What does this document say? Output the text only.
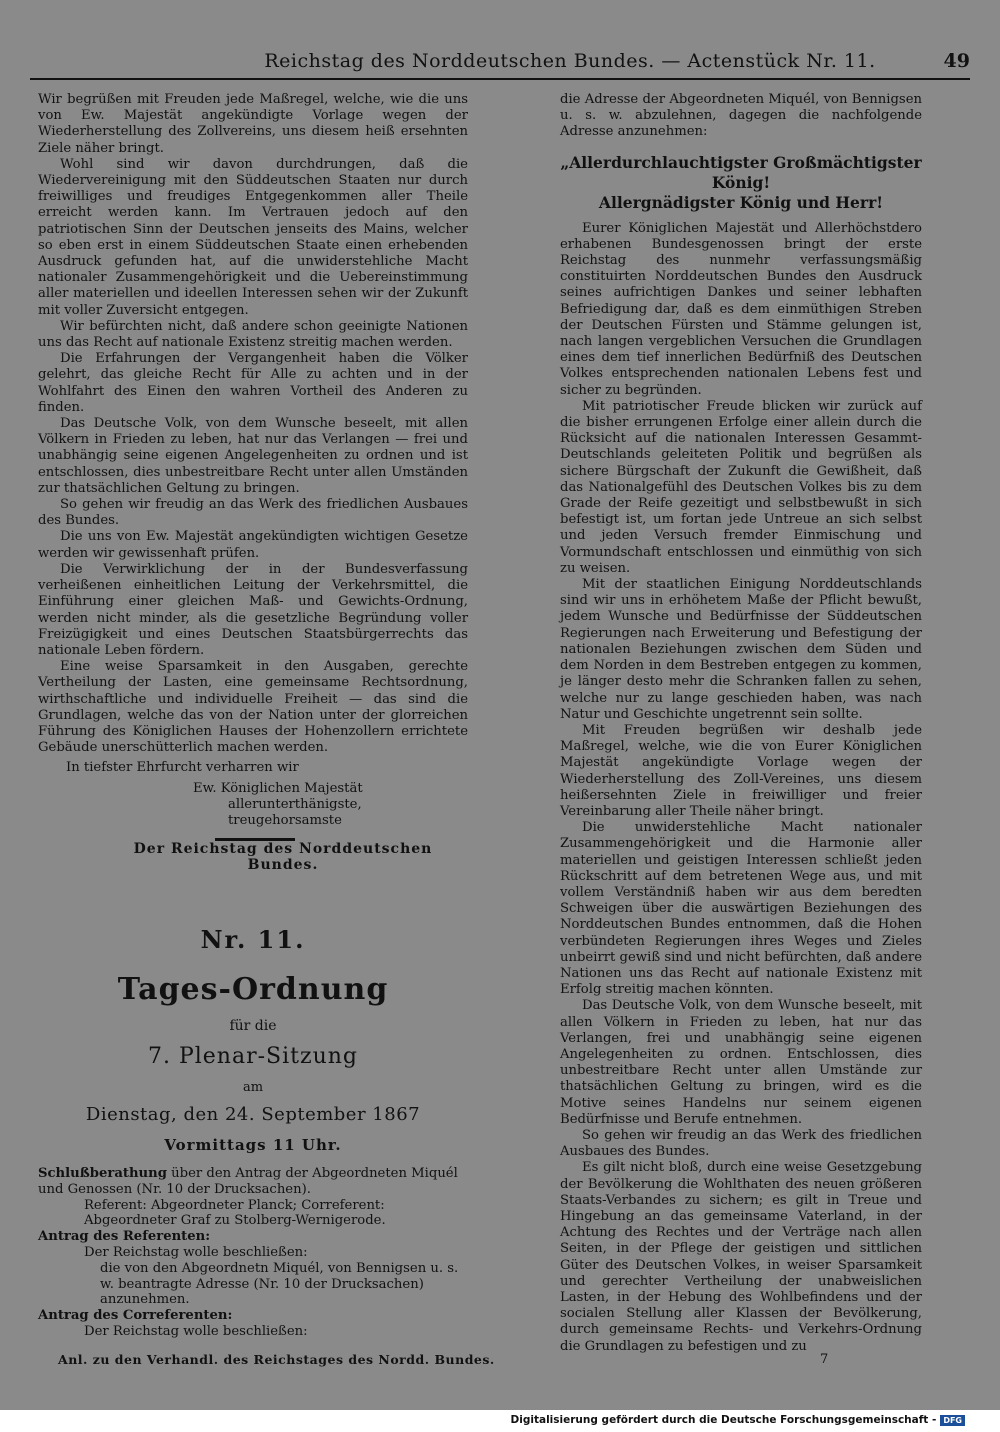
Reichstag des Norddeutschen Bundes. — Actenstück Nr. 11.	49

Wir begrüßen mit Freuden jede Maßregel, welche, wie die uns von Ew. Majestät angekündigte Vorlage wegen der Wiederherstellung des Zollvereins, uns diesem heiß ersehnten Ziele näher bringt.

Wohl sind wir davon durchdrungen, daß die Wiedervereinigung mit den Süddeutschen Staaten nur durch freiwilliges und freudiges Entgegenkommen aller Theile erreicht werden kann. Im Vertrauen jedoch auf den patriotischen Sinn der Deutschen jenseits des Mains, welcher so eben erst in einem Süddeutschen Staate einen erhebenden Ausdruck gefunden hat, auf die unwiderstehliche Macht nationaler Zusammengehörigkeit und die Uebereinstimmung aller materiellen und ideellen Interessen sehen wir der Zukunft mit voller Zuversicht entgegen.

Wir befürchten nicht, daß andere schon geeinigte Nationen uns das Recht auf nationale Existenz streitig machen werden.

Die Erfahrungen der Vergangenheit haben die Völker gelehrt, das gleiche Recht für Alle zu achten und in der Wohlfahrt des Einen den wahren Vortheil des Anderen zu finden.

Das Deutsche Volk, von dem Wunsche beseelt, mit allen Völkern in Frieden zu leben, hat nur das Verlangen — frei und unabhängig seine eigenen Angelegenheiten zu ordnen und ist entschlossen, dies unbestreitbare Recht unter allen Umständen zur thatsächlichen Geltung zu bringen.

So gehen wir freudig an das Werk des friedlichen Ausbaues des Bundes.

Die uns von Ew. Majestät angekündigten wichtigen Gesetze werden wir gewissenhaft prüfen.

Die Verwirklichung der in der Bundesverfassung verheißenen einheitlichen Leitung der Verkehrsmittel, die Einführung einer gleichen Maß- und Gewichts-Ordnung, werden nicht minder, als die gesetzliche Begründung voller Freizügigkeit und eines Deutschen Staatsbürgerrechts das nationale Leben fördern.

Eine weise Sparsamkeit in den Ausgaben, gerechte Vertheilung der Lasten, eine gemeinsame Rechtsordnung, wirthschaftliche und individuelle Freiheit — das sind die Grundlagen, welche das von der Nation unter der glorreichen Führung des Königlichen Hauses der Hohenzollern errichtete Gebäude unerschütterlich machen werden.

In tiefster Ehrfurcht verharren wir

Ew. Königlichen Majestät

allerunterthänigste, treugehorsamste

Der Reichstag des Norddeutschen Bundes.

Nr. 11.
Tages-Ordnung
für die
7. Plenar-Sitzung
am
Dienstag, den 24. September 1867
Vormittags 11 Uhr.

Schlußberathung über den Antrag der Abgeordneten Miquél und Genossen (Nr. 10 der Drucksachen).

Referent: Abgeordneter Planck; Correferent: Abgeordneter Graf zu Stolberg-Wernigerode.

Antrag des Referenten:

Der Reichstag wolle beschließen:

die von den Abgeordnetn Miquél, von Bennigsen u. s. w. beantragte Adresse (Nr. 10 der Drucksachen) anzunehmen.

Antrag des Correferenten:

Der Reichstag wolle beschließen:

Anl. zu den Verhandl. des Reichstages des Nordd. Bundes.	7

die Adresse der Abgeordneten Miquél, von Bennigsen u. s. w. abzulehnen, dagegen die nachfolgende Adresse anzunehmen:

„Allerdurchlauchtigster Großmächtigster König!

Allergnädigster König und Herr!

Eurer Königlichen Majestät und Allerhöchstdero erhabenen Bundesgenossen bringt der erste Reichstag des nunmehr verfassungsmäßig constituirten Norddeutschen Bundes den Ausdruck seines aufrichtigen Dankes und seiner lebhaften Befriedigung dar, daß es dem einmüthigen Streben der Deutschen Fürsten und Stämme gelungen ist, nach langen vergeblichen Versuchen die Grundlagen eines dem tief innerlichen Bedürfniß des Deutschen Volkes entsprechenden nationalen Lebens fest und sicher zu begründen.

Mit patriotischer Freude blicken wir zurück auf die bisher errungenen Erfolge einer allein durch die Rücksicht auf die nationalen Interessen Gesammt-Deutschlands geleiteten Politik und begrüßen als sichere Bürgschaft der Zukunft die Gewißheit, daß das Nationalgefühl des Deutschen Volkes bis zu dem Grade der Reife gezeitigt und selbstbewußt in sich befestigt ist, um fortan jede Untreue an sich selbst und jeden Versuch fremder Einmischung und Vormundschaft entschlossen und einmüthig von sich zu weisen.

Mit der staatlichen Einigung Norddeutschlands sind wir uns in erhöhetem Maße der Pflicht bewußt, jedem Wunsche und Bedürfnisse der Süddeutschen Regierungen nach Erweiterung und Befestigung der nationalen Beziehungen zwischen dem Süden und dem Norden in dem Bestreben entgegen zu kommen, je länger desto mehr die Schranken fallen zu sehen, welche nur zu lange geschieden haben, was nach Natur und Geschichte ungetrennt sein sollte.

Mit Freuden begrüßen wir deshalb jede Maßregel, welche, wie die von Eurer Königlichen Majestät angekündigte Vorlage wegen der Wiederherstellung des Zoll-Vereines, uns diesem heißersehnten Ziele in freiwilliger und freier Vereinbarung aller Theile näher bringt.

Die unwiderstehliche Macht nationaler Zusammengehörigkeit und die Harmonie aller materiellen und geistigen Interessen schließt jeden Rückschritt auf dem betretenen Wege aus, und mit vollem Verständniß haben wir aus dem beredten Schweigen über die auswärtigen Beziehungen des Norddeutschen Bundes entnommen, daß die Hohen verbündeten Regierungen ihres Weges und Zieles unbeirrt gewiß sind und nicht befürchten, daß andere Nationen uns das Recht auf nationale Existenz mit Erfolg streitig machen könnten.

Das Deutsche Volk, von dem Wunsche beseelt, mit allen Völkern in Frieden zu leben, hat nur das Verlangen, frei und unabhängig seine eigenen Angelegenheiten zu ordnen. Entschlossen, dies unbestreitbare Recht unter allen Umstände zur thatsächlichen Geltung zu bringen, wird es die Motive seines Handelns nur seinem eigenen Bedürfnisse und Berufe entnehmen.

So gehen wir freudig an das Werk des friedlichen Ausbaues des Bundes.

Es gilt nicht bloß, durch eine weise Gesetzgebung der Bevölkerung die Wohlthaten des neuen größeren Staats-Verbandes zu sichern; es gilt in Treue und Hingebung an das gemeinsame Vaterland, in der Achtung des Rechtes und der Verträge nach allen Seiten, in der Pflege der geistigen und sittlichen Güter des Deutschen Volkes, in weiser Sparsamkeit und gerechter Vertheilung der unabweislichen Lasten, in der Hebung des Wohlbefindens und der socialen Stellung aller Klassen der Bevölkerung, durch gemeinsame Rechts- und Verkehrs-Ordnung die Grundlagen zu befestigen und zu

Digitalisierung gefördert durch die Deutsche Forschungsgemeinschaft - DFG
